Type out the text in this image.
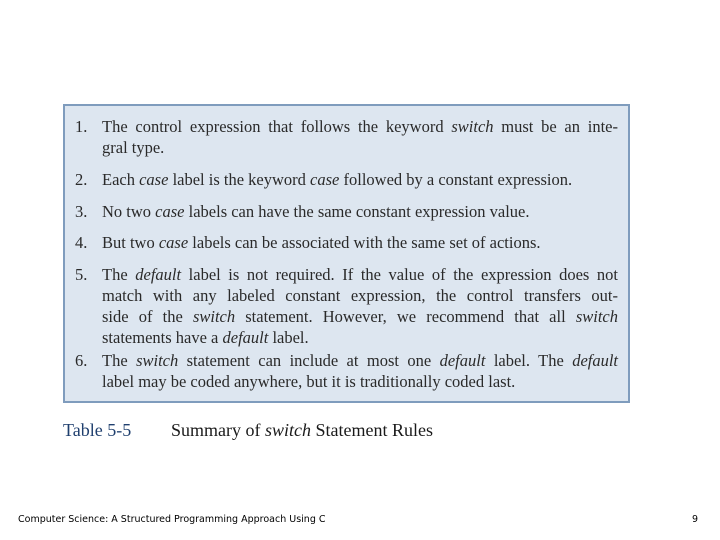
1. The control expression that follows the keyword switch must be an inte-
gral type.
2. Each case label is the keyword case followed by a constant expression.
3. No two case labels can have the same constant expression value.
4. But two case labels can be associated with the same set of actions.
5. The default label is not required. If the value of the expression does not
match with any labeled constant expression, the control transfers out-
side of the switch statement. However, we recommend that all switch
statements have a default label.
6. The switch statement can include at most one default label. The default
label may be coded anywhere, but it is traditionally coded last.
Table 5-5 Summary of switch Statement Rules
Computer Science: A Structured Programming Approach Using C	9
